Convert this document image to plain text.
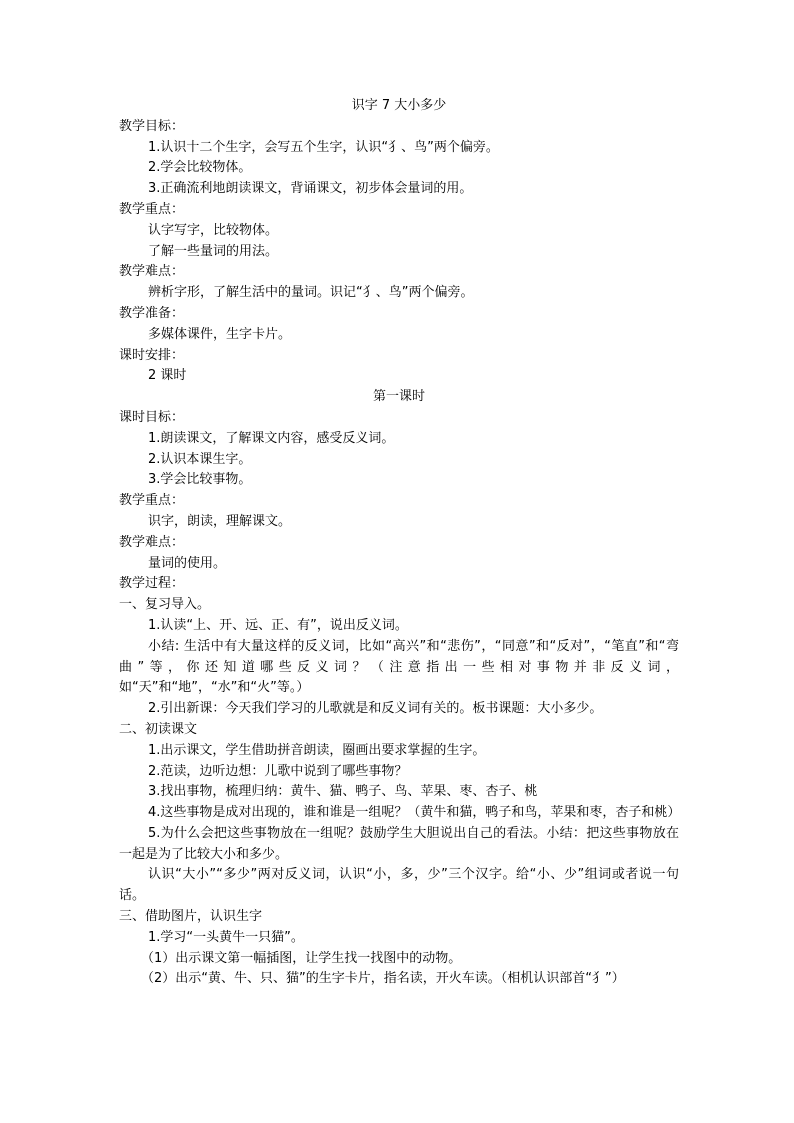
识字 7 大小多少
教学目标：
1.认识十二个生字，会写五个生字，认识“犭、鸟”两个偏旁。
2.学会比较物体。
3.正确流利地朗读课文，背诵课文，初步体会量词的用。
教学重点：
认字写字，比较物体。
了解一些量词的用法。
教学难点：
辨析字形，了解生活中的量词。识记“犭、鸟”两个偏旁。
教学准备：
多媒体课件，生字卡片。
课时安排：
2 课时
第一课时
课时目标：
1.朗读课文，了解课文内容，感受反义词。
2.认识本课生字。
3.学会比较事物。
教学重点：
识字，朗读，理解课文。
教学难点：
量词的使用。
教学过程：
一、复习导入。
1.认读“上、开、远、正、有”，说出反义词。
小结: 生活中有大量这样的反义词，比如“高兴”和“悲伤”，“同意”和“反对”，“笔直”和“弯曲”等，你还知道哪些反义词？（注意指出一些相对事物并非反义词，如“天”和“地”，“水”和“火”等。）
2.引出新课：今天我们学习的儿歌就是和反义词有关的。板书课题：大小多少。
二、初读课文
1.出示课文，学生借助拼音朗读，圈画出要求掌握的生字。
2.范读，边听边想：儿歌中说到了哪些事物？
3.找出事物，梳理归纳：黄牛、猫、鸭子、鸟、苹果、枣、杏子、桃
4.这些事物是成对出现的，谁和谁是一组呢？（黄牛和猫，鸭子和鸟，苹果和枣，杏子和桃）
5.为什么会把这些事物放在一组呢？鼓励学生大胆说出自己的看法。小结：把这些事物放在一起是为了比较大小和多少。
认识“大小”“多少”两对反义词，认识“小，多，少”三个汉字。给“小、少”组词或者说一句话。
三、借助图片，认识生字
1.学习“一头黄牛一只猫”。
（1）出示课文第一幅插图，让学生找一找图中的动物。
（2）出示“黄、牛、只、猫”的生字卡片，指名读，开火车读。（相机认识部首“犭”）
